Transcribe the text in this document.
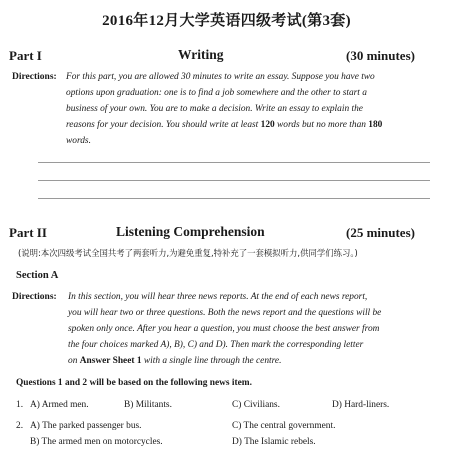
2016年12月大学英语四级考试(第3套)
Part I	Writing	(30 minutes)
Directions: For this part, you are allowed 30 minutes to write an essay. Suppose you have two
options upon graduation: one is to find a job somewhere and the other to start a
business of your own. You are to make a decision. Write an essay to explain the
reasons for your decision. You should write at least 120 words but no more than 180
words.
Part II	Listening Comprehension	(25 minutes)
(说明:本次四级考试全国共考了两套听力,为避免重复,特补充了一套模拟听力,供同学们练习。)
Section A
Directions: In this section, you will hear three news reports. At the end of each news report,
you will hear two or three questions. Both the news report and the questions will be
spoken only once. After you hear a question, you must choose the best answer from
the four choices marked A), B), C) and D). Then mark the corresponding letter
on Answer Sheet 1 with a single line through the centre.
Questions 1 and 2 will be based on the following news item.
1. A) Armed men.	B) Militants.	C) Civilians.	D) Hard-liners.
2. A) The parked passenger bus.	C) The central government.
B) The armed men on motorcycles.	D) The Islamic rebels.
